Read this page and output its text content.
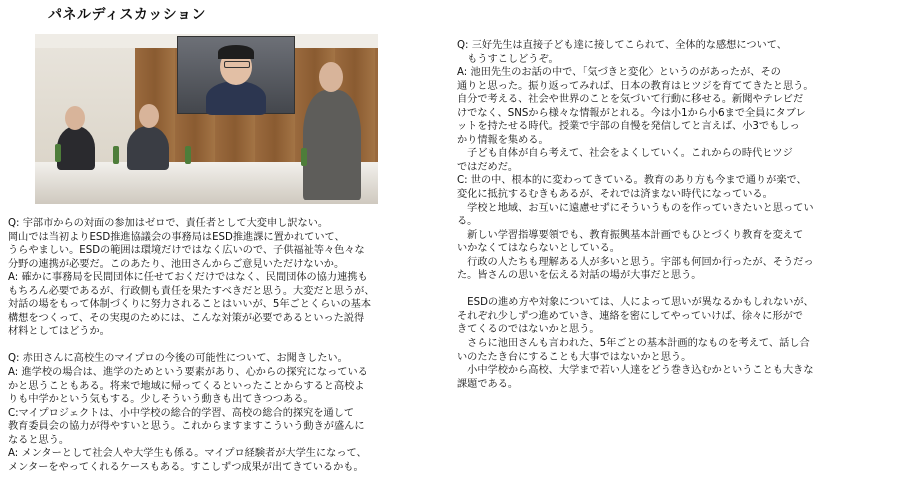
パネルディスカッション
Q: 宇部市からの対面の参加はゼロで、責任者として大変申し訳ない。
岡山では当初よりESD推進協議会の事務局はESD推進課に置かれていて、
うらやましい。ESDの範囲は環境だけではなく広いので、子供福祉等々色々な
分野の連携が必要だ。このあたり、池田さんからご意見いただけないか。
A: 確かに事務局を民間団体に任せておくだけではなく、民間団体の協力連携も
もちろん必要であるが、行政側も責任を果たすべきだと思う。大変だと思うが、
対話の場をもって体制づくりに努力されることはいいが、5年ごとくらいの基本
構想をつくって、その実現のためには、こんな対策が必要であるといった説得
材料としてはどうか。
Q: 赤田さんに高校生のマイプロの今後の可能性について、お聞きしたい。
A: 進学校の場合は、進学のためという要素があり、心からの探究になっている
かと思うこともある。将来で地域に帰ってくるといったことからすると高校よ
りも中学かという気もする。少しそういう動きも出てきつつある。
C:マイプロジェクトは、小中学校の総合的学習、高校の総合的探究を通して
教育委員会の協力が得やすいと思う。これからますますこういう動きが盛んに
なると思う。
A: メンターとして社会人や大学生も係る。マイプロ経験者が大学生になって、
メンターをやってくれるケースもある。すこしずつ成果が出てきているかも。
Q: 三好先生は直接子ども達に接してこられて、全体的な感想について、
　もうすこしどうぞ。
A: 池田先生のお話の中で、「気づきと変化〉というのがあったが、その
通りと思った。振り返ってみれば、日本の教育はヒツジを育ててきたと思う。
自分で考える、社会や世界のことを気づいて行動に移せる。新聞やテレビだ
けでなく、SNSから様々な情報がとれる。今は小1から小6まで全員にタブレ
ットを持たせる時代。授業で宇部の自慢を発信してと言えば、小3でもしっ
かり情報を集める。
　子ども自体が自ら考えて、社会をよくしていく。これからの時代ヒツジ
ではだめだ。
C: 世の中、根本的に変わってきている。教育のあり方も今まで通りが楽で、
変化に抵抗するむきもあるが、それでは済まない時代になっている。
　学校と地域、お互いに遠慮せずにそういうものを作っていきたいと思ってい
る。
　新しい学習指導要領でも、教育振興基本計画でもひとづくり教育を変えて
いかなくてはならないとしている。
　行政の人たちも理解ある人が多いと思う。宇部も何回か行ったが、そうだっ
た。皆さんの思いを伝える対話の場が大事だと思う。
　ESDの進め方や対象については、人によって思いが異なるかもしれないが、
それぞれ少しずつ進めていき、連絡を密にしてやっていけば、徐々に形がで
きてくるのではないかと思う。
　さらに池田さんも言われた、5年ごとの基本計画的なものを考えて、話し合
いのたたき台にすることも大事ではないかと思う。
　小中学校から高校、大学まで若い人達をどう巻き込むかということも大きな
課題である。
